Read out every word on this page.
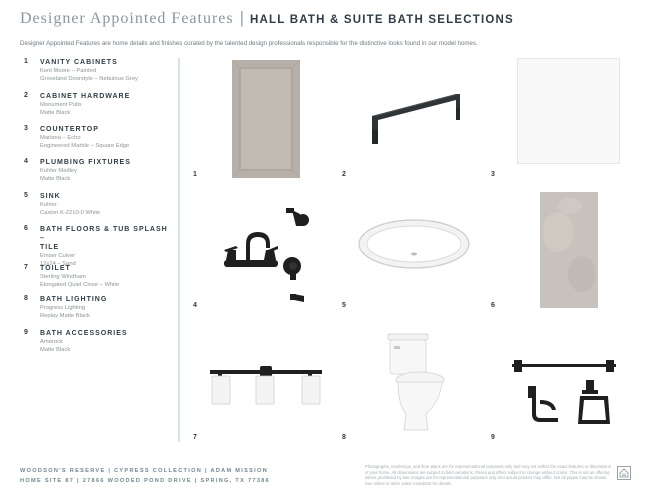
Designer Appointed Features | HALL BATH & SUITE BATH SELECTIONS
Designer Appointed Features are home details and finishes curated by the talented design professionals responsible for the distinctive looks found in our model homes.
1 VANITY CABINETS
Kent Moore – Painted
Groveland Doorstyle – Nebulous Grey
2 CABINET HARDWARE
Monument Pulls
Matte Black
3 COUNTERTOP
Marlana – Echo
Engineered Marble – Square Edge
4 PLUMBING FIXTURES
Kohler Medley
Matte Black
5 SINK
Kohler
Caxton K-2210-0 White
6 BATH FLOORS & TUB SPLASH –
TILE
Emser Culver
12x24 – Sand
7 TOILET
Sterling Windham
Elongated Quiet Close – White
8 BATH LIGHTING
Progress Lighting
Replay Matte Black
9 BATH ACCESSORIES
Amerock
Matte Black
1	2	3
4	5	6
7	8	9
WOODSON'S RESERVE | CYPRESS COLLECTION | ADAM MISSION
HOME SITE 87 | 27866 WOODED POND DRIVE | SPRING, TX 77386
Photographs, renderings, and floor plans are for representational purposes only and may not reflect the exact features or dimensions of your home. All dimensions are subject to field variations. Prices and offers subject to change without notice. This is not an offering where prohibited by law. Images are for representational purposes only and actual product may differ. Not all pages may be shown. See online or store sales consultant for details.
